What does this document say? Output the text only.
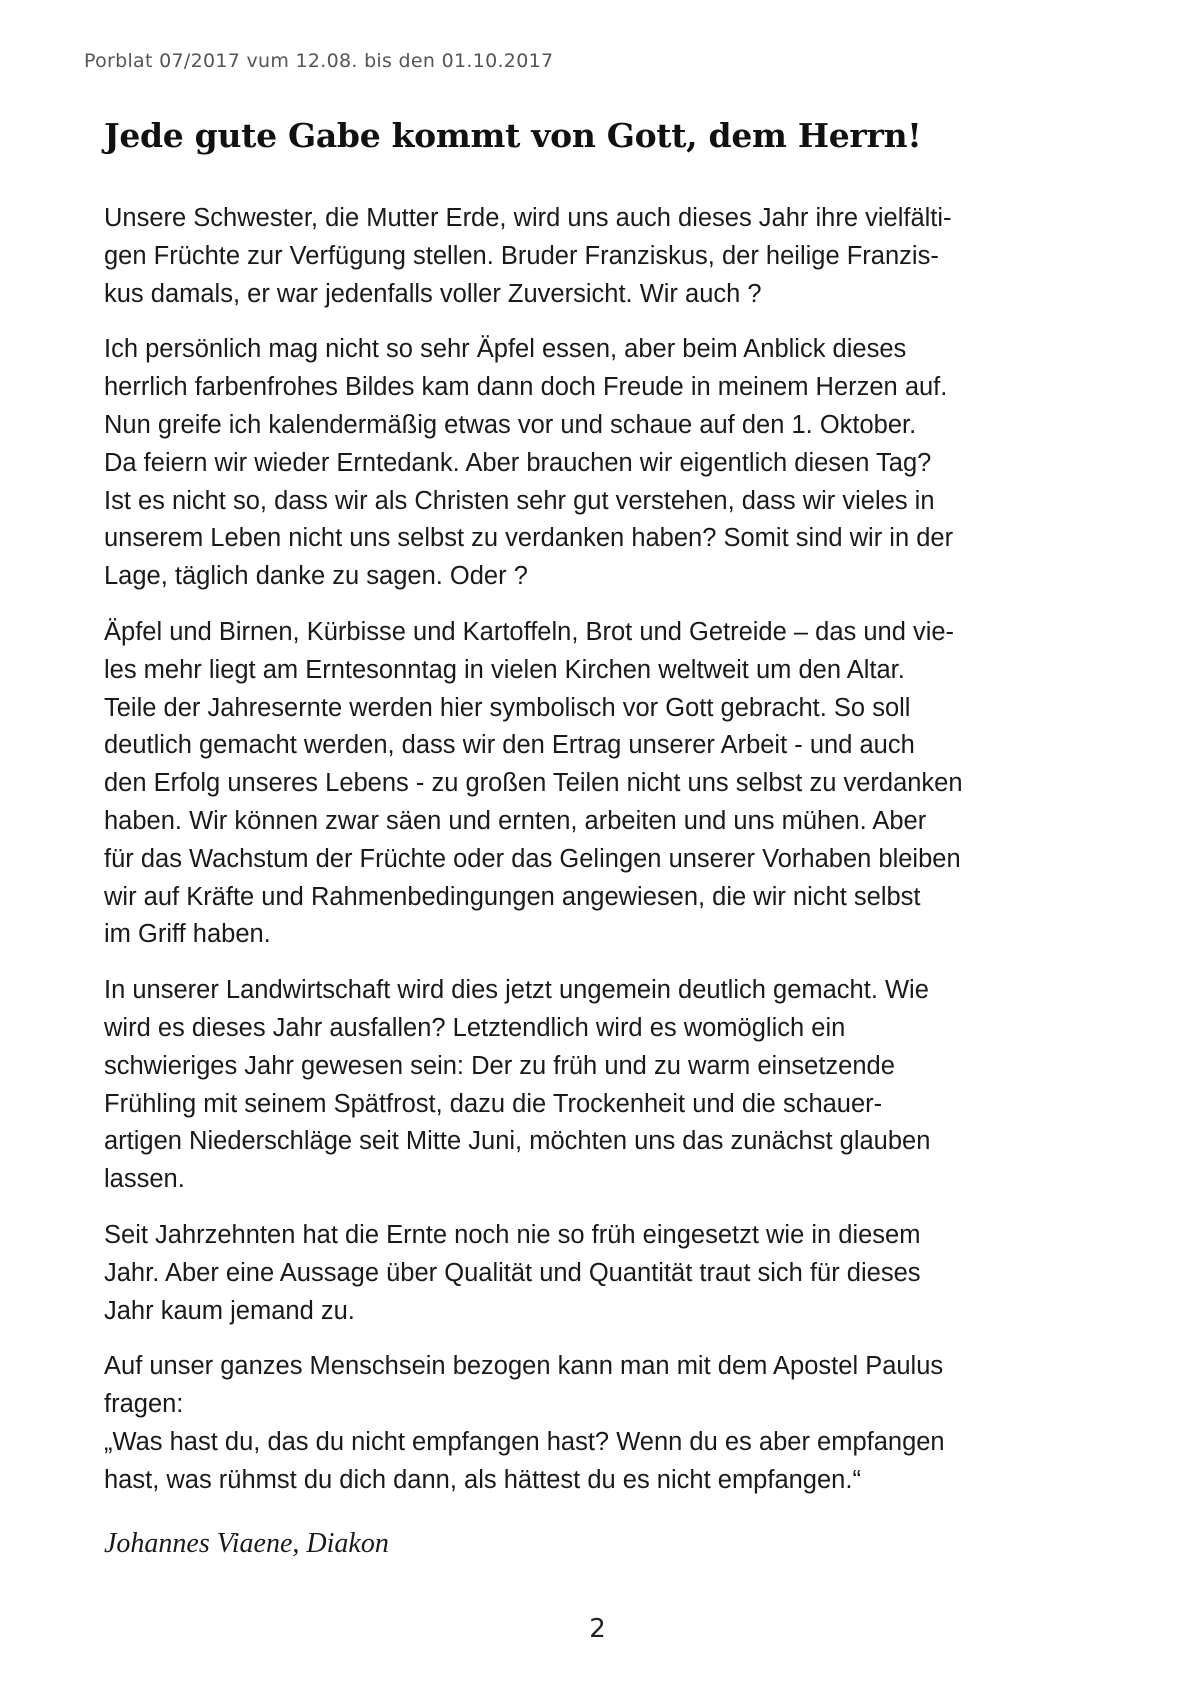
Porblat 07/2017 vum 12.08. bis den 01.10.2017
Jede gute Gabe kommt von Gott, dem Herrn!

Unsere Schwester, die Mutter Erde, wird uns auch dieses Jahr ihre vielfälti-
gen Früchte zur Verfügung stellen. Bruder Franziskus, der heilige Franzis-
kus damals, er war jedenfalls voller Zuversicht. Wir auch ?

Ich persönlich mag nicht so sehr Äpfel essen, aber beim Anblick dieses
herrlich farbenfrohes Bildes kam dann doch Freude in meinem Herzen auf.
Nun greife ich kalendermäßig etwas vor und schaue auf den 1. Oktober.
Da feiern wir wieder Erntedank. Aber brauchen wir eigentlich diesen Tag?
Ist es nicht so, dass wir als Christen sehr gut verstehen, dass wir vieles in
unserem Leben nicht uns selbst zu verdanken haben? Somit sind wir in der
Lage, täglich danke zu sagen. Oder ?

Äpfel und Birnen, Kürbisse und Kartoffeln, Brot und Getreide – das und vie-
les mehr liegt am Erntesonntag in vielen Kirchen weltweit um den Altar.
Teile der Jahresernte werden hier symbolisch vor Gott gebracht. So soll
deutlich gemacht werden, dass wir den Ertrag unserer Arbeit - und auch
den Erfolg unseres Lebens - zu großen Teilen nicht uns selbst zu verdanken
haben. Wir können zwar säen und ernten, arbeiten und uns mühen. Aber
für das Wachstum der Früchte oder das Gelingen unserer Vorhaben bleiben
wir auf Kräfte und Rahmenbedingungen angewiesen, die wir nicht selbst
im Griff haben.

In unserer Landwirtschaft wird dies jetzt ungemein deutlich gemacht. Wie
wird es dieses Jahr ausfallen? Letztendlich wird es womöglich ein
schwieriges Jahr gewesen sein: Der zu früh und zu warm einsetzende
Frühling mit seinem Spätfrost, dazu die Trockenheit und die schauer-
artigen Niederschläge seit Mitte Juni, möchten uns das zunächst glauben
lassen.

Seit Jahrzehnten hat die Ernte noch nie so früh eingesetzt wie in diesem
Jahr. Aber eine Aussage über Qualität und Quantität traut sich für dieses
Jahr kaum jemand zu.

Auf unser ganzes Menschsein bezogen kann man mit dem Apostel Paulus
fragen:
„Was hast du, das du nicht empfangen hast? Wenn du es aber empfangen
hast, was rühmst du dich dann, als hättest du es nicht empfangen.“

Johannes Viaene, Diakon
2
